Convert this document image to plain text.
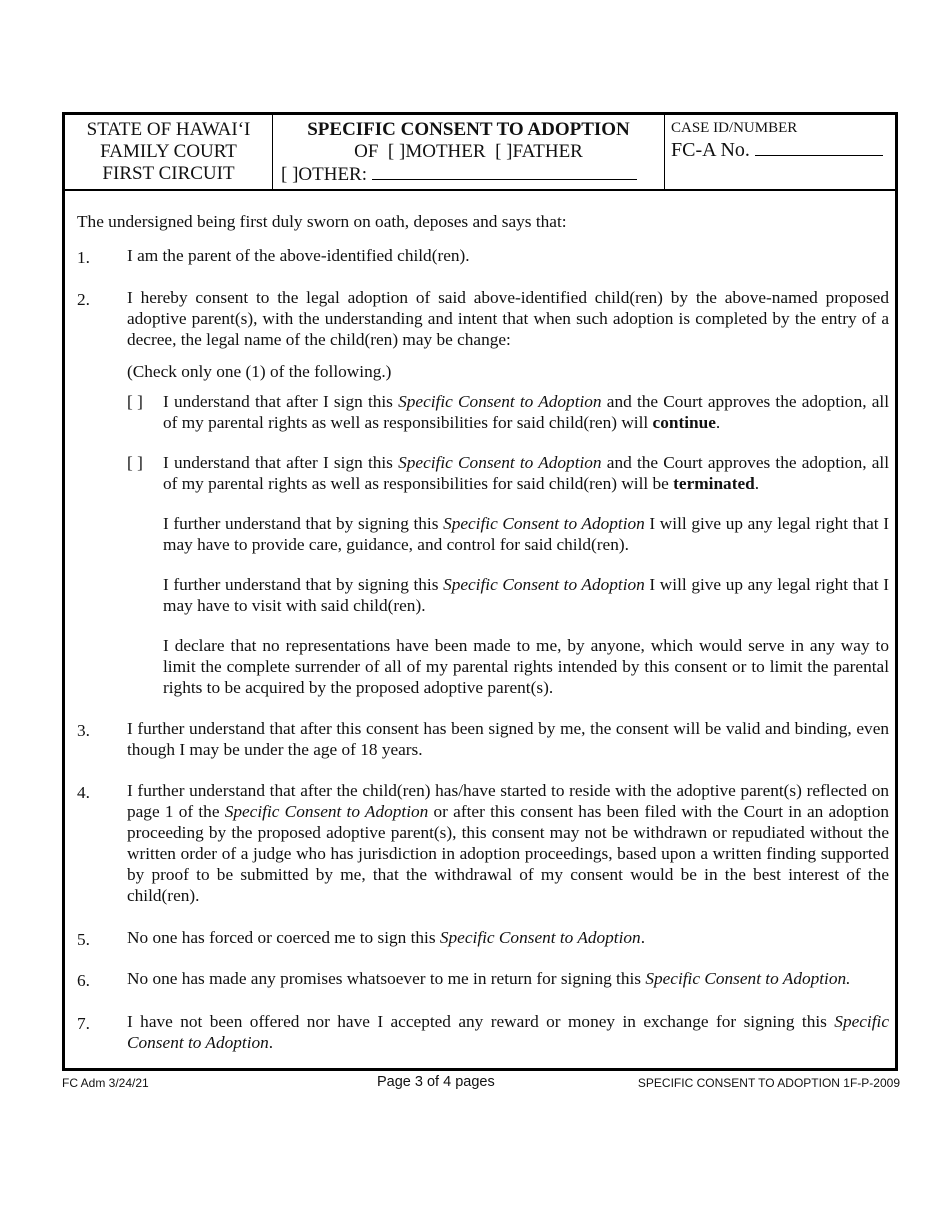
STATE OF HAWAIʻI
FAMILY COURT
FIRST CIRCUIT
SPECIFIC CONSENT TO ADOPTION
OF [ ]MOTHER [ ]FATHER
[ ]OTHER:
CASE ID/NUMBER
FC-A No.
The undersigned being first duly sworn on oath, deposes and says that:
1. I am the parent of the above-identified child(ren).
2. I hereby consent to the legal adoption of said above-identified child(ren) by the above-named proposed adoptive parent(s), with the understanding and intent that when such adoption is completed by the entry of a decree, the legal name of the child(ren) may be change:
(Check only one (1) of the following.)
[ ] I understand that after I sign this Specific Consent to Adoption and the Court approves the adoption, all of my parental rights as well as responsibilities for said child(ren) will continue.
[ ] I understand that after I sign this Specific Consent to Adoption and the Court approves the adoption, all of my parental rights as well as responsibilities for said child(ren) will be terminated.
I further understand that by signing this Specific Consent to Adoption I will give up any legal right that I may have to provide care, guidance, and control for said child(ren).
I further understand that by signing this Specific Consent to Adoption I will give up any legal right that I may have to visit with said child(ren).
I declare that no representations have been made to me, by anyone, which would serve in any way to limit the complete surrender of all of my parental rights intended by this consent or to limit the parental rights to be acquired by the proposed adoptive parent(s).
3. I further understand that after this consent has been signed by me, the consent will be valid and binding, even though I may be under the age of 18 years.
4. I further understand that after the child(ren) has/have started to reside with the adoptive parent(s) reflected on page 1 of the Specific Consent to Adoption or after this consent has been filed with the Court in an adoption proceeding by the proposed adoptive parent(s), this consent may not be withdrawn or repudiated without the written order of a judge who has jurisdiction in adoption proceedings, based upon a written finding supported by proof to be submitted by me, that the withdrawal of my consent would be in the best interest of the child(ren).
5. No one has forced or coerced me to sign this Specific Consent to Adoption.
6. No one has made any promises whatsoever to me in return for signing this Specific Consent to Adoption.
7. I have not been offered nor have I accepted any reward or money in exchange for signing this Specific Consent to Adoption.
FC Adm 3/24/21	Page 3 of 4 pages	SPECIFIC CONSENT TO ADOPTION 1F-P-2009
